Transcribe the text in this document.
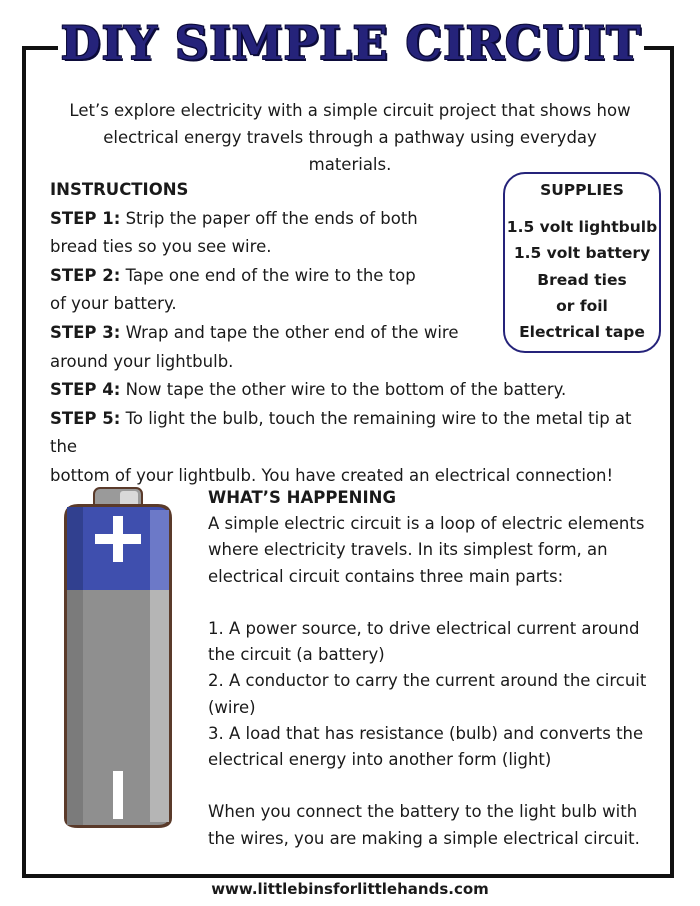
DIY SIMPLE CIRCUIT
Let’s explore electricity with a simple circuit project that shows how electrical energy travels through a pathway using everyday materials.
INSTRUCTIONS
STEP 1: Strip the paper off the ends of both
bread ties so you see wire.
STEP 2: Tape one end of the wire to the top
of your battery.
STEP 3: Wrap and tape the other end of the wire
around your lightbulb.
STEP 4: Now tape the other wire to the bottom of the battery.
STEP 5: To light the bulb, touch the remaining wire to the metal tip at the
bottom of your lightbulb. You have created an electrical connection!
SUPPLIES
1.5 volt lightbulb
1.5 volt battery
Bread ties
or foil
Electrical tape
WHAT’S HAPPENING

A simple electric circuit is a loop of electric elements where electricity travels. In its simplest form, an electrical circuit contains three main parts:

1. A power source, to drive electrical current around the circuit (a battery)

2. A conductor to carry the current around the circuit (wire)

3. A load that has resistance (bulb) and converts the electrical energy into another form (light)

When you connect the battery to the light bulb with the wires, you are making a simple electrical circuit.

www.littlebinsforlittlehands.com
